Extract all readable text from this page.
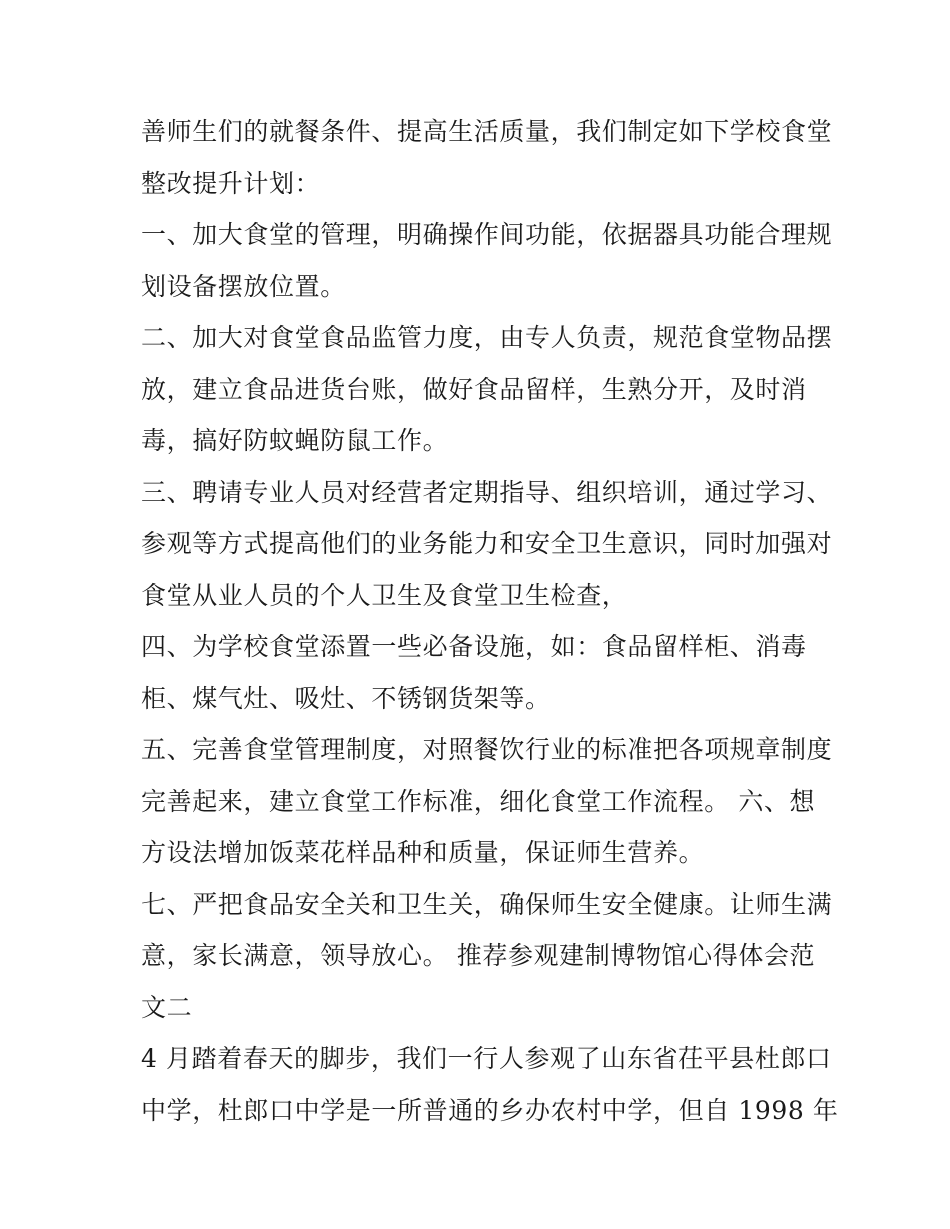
善师生们的就餐条件、提高生活质量，我们制定如下学校食堂
整改提升计划：
一、加大食堂的管理，明确操作间功能，依据器具功能合理规
划设备摆放位置。
二、加大对食堂食品监管力度，由专人负责，规范食堂物品摆
放，建立食品进货台账，做好食品留样，生熟分开，及时消
毒，搞好防蚊蝇防鼠工作。
三、聘请专业人员对经营者定期指导、组织培训，通过学习、
参观等方式提高他们的业务能力和安全卫生意识，同时加强对
食堂从业人员的个人卫生及食堂卫生检查，
四、为学校食堂添置一些必备设施，如：食品留样柜、消毒
柜、煤气灶、吸灶、不锈钢货架等。
五、完善食堂管理制度，对照餐饮行业的标准把各项规章制度
完善起来，建立食堂工作标准，细化食堂工作流程。 六、想
方设法增加饭菜花样品种和质量，保证师生营养。
七、严把食品安全关和卫生关，确保师生安全健康。让师生满
意，家长满意，领导放心。 推荐参观建制博物馆心得体会范
文二
4 月踏着春天的脚步，我们一行人参观了山东省茌平县杜郎口
中学，杜郎口中学是一所普通的乡办农村中学，但自 1998 年
